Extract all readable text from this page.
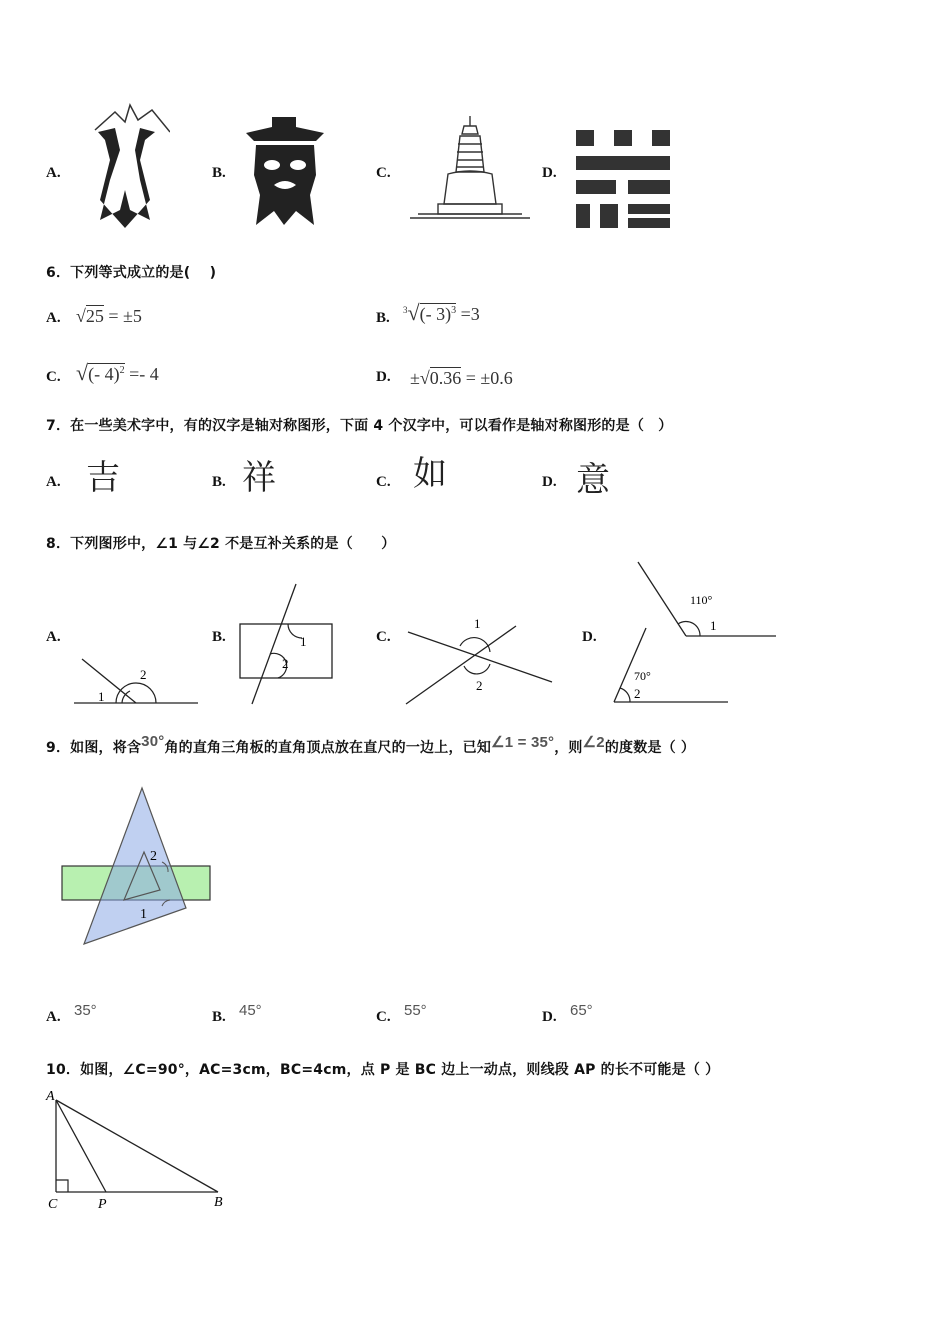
A.	B.	C.	D.
6．下列等式成立的是(　 )
A. √25 = ±5	B. $^3$√(- 3)$^3$ =3
C. √(- 4)$^2$ =- 4	D. ±√0.36 = ±0.6
7．在一些美术字中，有的汉字是轴对称图形，下面 4 个汉字中，可以看作是轴对称图形的是（　）
A. 吉	B. 祥	C. 如	D. 意
8．下列图形中，∠1 与∠2 不是互补关系的是（　　）
A.
1
2
B.	1
2
C.
1
2
D.
110°
1
70°
2
9．如图，将含30°角的直角三角板的直角顶点放在直尺的一边上，已知∠1 = 35°，则∠2的度数是（ ）
2
1
A. 35°	B. 45°	C. 55°	D. 65°
10．如图，∠C=90°，AC=3cm，BC=4cm，点 P 是 BC 边上一动点，则线段 AP 的长不可能是（ ）
A
C	P	B
